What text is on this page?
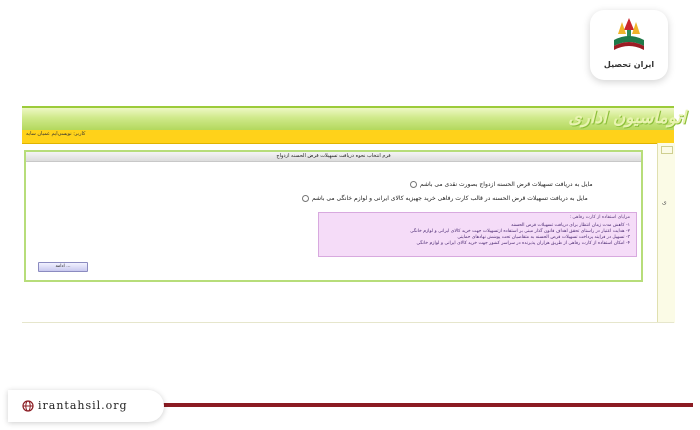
ایران تحصیل
اتوماسیون اداری
کاربر: نویسی‌ایم عمیان سایه
ی
فرم انتخاب نحوه دریافت تسهیلات قرض الحسنه ازدواج
مایل به دریافت تسهیلات قرض الحسنه ازدواج بصورت نقدی می باشم
مایل به دریافت تسهیلات قرض الحسنه در قالب کارت رفاهی خرید جهیزیه کالای ایرانی و لوازم خانگی می باشم
مزایای استفاده از کارت رفاهی :
۱- کاهش مدت زمان انتظار برای دریافت تسهیلات قرض الحسنه
۲- هدایت اعتبار در راستای تحقق اهداف قانون گذار مبنی بر استفاده ازتسهیلات جهت خرید کالای ایرانی و لوازم خانگی
۳- تسهیل در فرایند پرداخت تسهیلات قرض الحسنه به متقاضیان تحت پوشش نهادهای حمایتی
۴- امکان استفاده از کارت رفاهی از طریق هزاران پذیرنده در سراسر کشور جهت خرید کالای ایرانی و لوازم خانگی
ادامه ...
irantahsil.org
